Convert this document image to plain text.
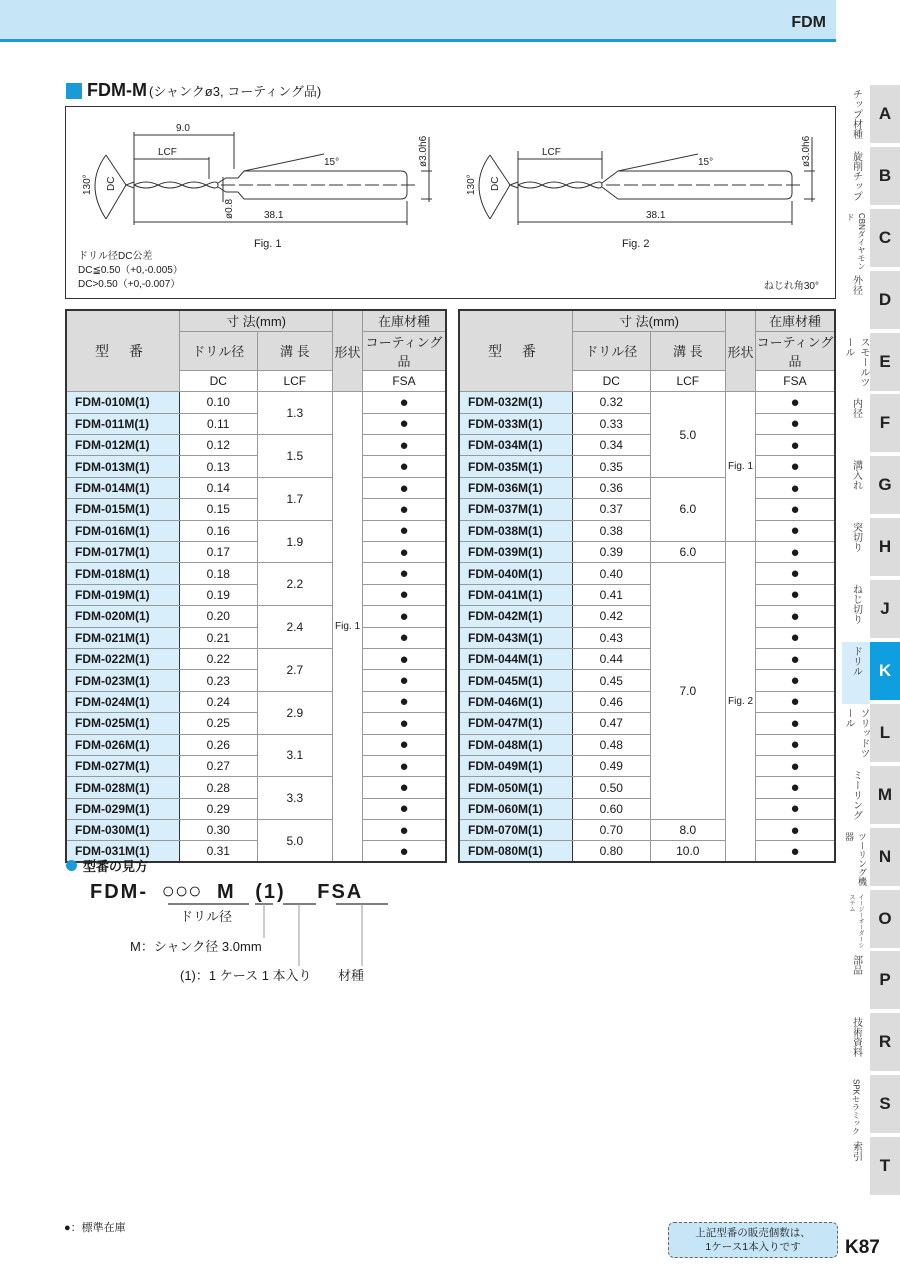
FDM
FDM-M (シャンクø3, コーティング品)
9.0
LCF
15°
38.1
Fig. 1
130° DC
ø0.8
ø3.0h6	LCF
15°
38.1
Fig. 2
130° DC
ø3.0h6
ドリル径DC公差
DC≦0.50（+0,-0.005）
DC>0.50（+0,-0.007）	ねじれ角30°
型 番	寸 法(mm)		形状	在庫材種
	ドリル径	溝 長		コーティング品
	DC	LCF		FSA
FDM-010M(1)	0.10	1.3	Fig. 1	●
FDM-011M(1)	0.11			●
FDM-012M(1)	0.12	1.5		●
FDM-013M(1)	0.13			●
FDM-014M(1)	0.14	1.7		●
FDM-015M(1)	0.15			●
FDM-016M(1)	0.16	1.9		●
FDM-017M(1)	0.17			●
FDM-018M(1)	0.18	2.2		●
FDM-019M(1)	0.19			●
FDM-020M(1)	0.20	2.4		●
FDM-021M(1)	0.21			●
FDM-022M(1)	0.22	2.7		●
FDM-023M(1)	0.23			●
FDM-024M(1)	0.24	2.9		●
FDM-025M(1)	0.25			●
FDM-026M(1)	0.26	3.1		●
FDM-027M(1)	0.27			●
FDM-028M(1)	0.28	3.3		●
FDM-029M(1)	0.29			●
FDM-030M(1)	0.30	5.0		●
FDM-031M(1)	0.31			●
型 番	寸 法(mm)		形状	在庫材種
	ドリル径	溝 長		コーティング品
	DC	LCF		FSA
FDM-032M(1)	0.32	5.0	Fig. 1	●
FDM-033M(1)	0.33			●
FDM-034M(1)	0.34			●
FDM-035M(1)	0.35			●
FDM-036M(1)	0.36	6.0		●
FDM-037M(1)	0.37			●
FDM-038M(1)	0.38			●
FDM-039M(1)	0.39	6.0	Fig. 2	●
FDM-040M(1)	0.40	7.0		●
FDM-041M(1)	0.41			●
FDM-042M(1)	0.42			●
FDM-043M(1)	0.43			●
FDM-044M(1)	0.44			●
FDM-045M(1)	0.45			●
FDM-046M(1)	0.46			●
FDM-047M(1)	0.47			●
FDM-048M(1)	0.48			●
FDM-049M(1)	0.49			●
FDM-050M(1)	0.50			●
FDM-060M(1)	0.60			●
FDM-070M(1)	0.70	8.0		●
FDM-080M(1)	0.80	10.0		●
型番の見方
FDM- ○○○ M (1) FSA
ドリル径
M：シャンク径 3.0mm
(1)：1 ケース 1 本入り 材種
●：標準在庫	上記型番の販売個数は、
1ケース1本入りです	K87
チップ材種	A
旋削チップ	B
CBNダイヤモンド
C
外径
D
スモールツール
E
内径
F
溝入れ G
突切り	H
ねじ切り	J
ドリル	K
ソリッドツール
L
ミーリング M
ツーリング機器
N
イージーオーダーシステム
O
部品
P
技術資料	R
SPKセラミック	S
索引
T
